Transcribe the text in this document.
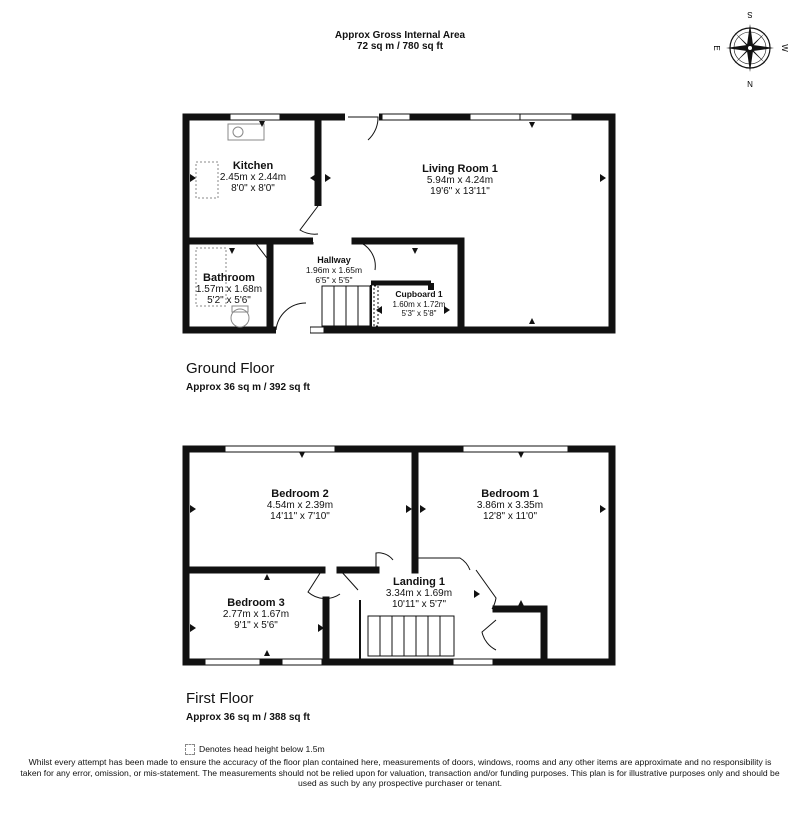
Approx Gross Internal Area
72 sq m / 780 sq ft
S
N
E	W
Kitchen
2.45m x 2.44m
8'0" x 8'0"
Living Room 1
5.94m x 4.24m
19'6" x 13'11"
Hallway
1.96m x 1.65m
6'5" x 5'5"
Bathroom
1.57m x 1.68m
5'2" x 5'6"
Cupboard 1
1.60m x 1.72m
5'3" x 5'8"
Ground Floor
Approx 36 sq m / 392 sq ft
Bedroom 2
4.54m x 2.39m
14'11" x 7'10"
Bedroom 1
3.86m x 3.35m
12'8" x 11'0"
Bedroom 3
2.77m x 1.67m
9'1" x 5'6"
Landing 1
3.34m x 1.69m
10'11" x 5'7"
First Floor
Approx 36 sq m / 388 sq ft
Denotes head height below 1.5m
Whilst every attempt has been made to ensure the accuracy of the floor plan contained here, measurements of doors, windows, rooms and any other items are approximate and no responsibility is taken for any error, omission, or mis-statement. The measurements should not be relied upon for valuation, transaction and/or funding purposes. This plan is for illustrative purposes only and should be used as such by any prospective purchaser or tenant.
